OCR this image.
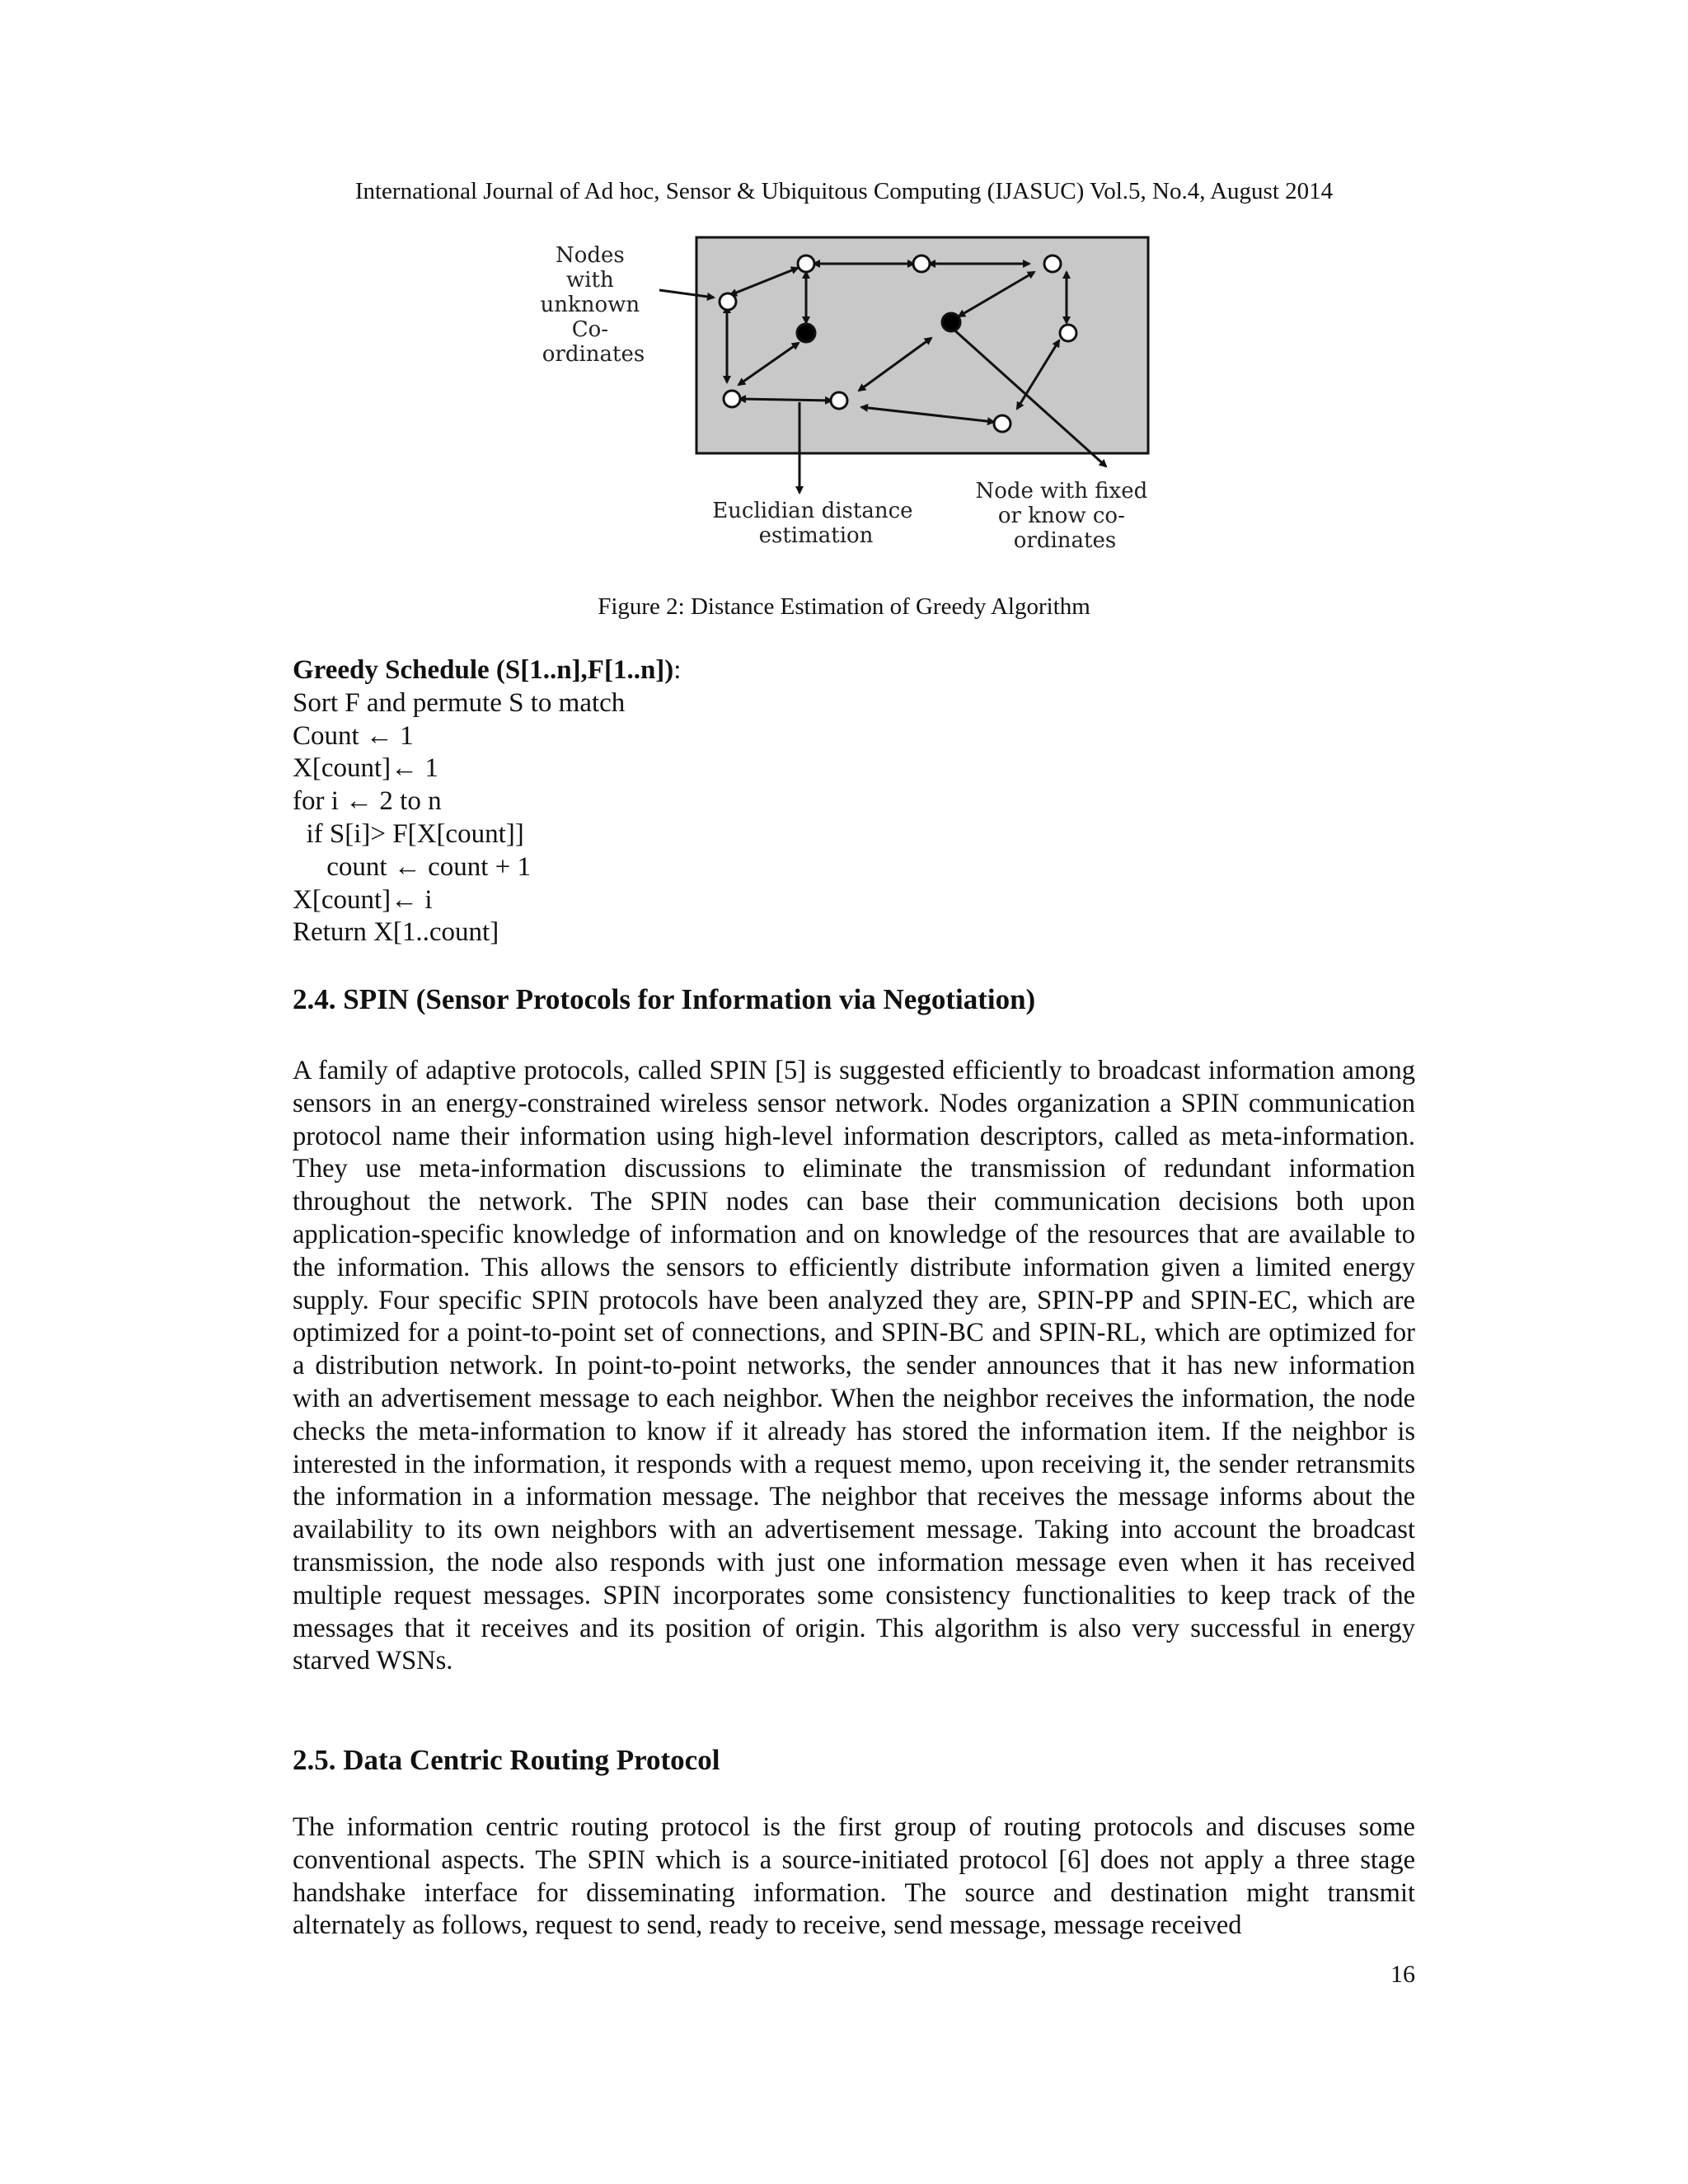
International Journal of Ad hoc, Sensor & Ubiquitous Computing (IJASUC) Vol.5, No.4, August 2014
Nodes with unknown Co- ordinates
Euclidian distance estimation
Node with fixed or know co- ordinates
Figure 2: Distance Estimation of Greedy Algorithm
Greedy Schedule (S[1..n],F[1..n]):
Sort F and permute S to match
Count ← 1
X[count]← 1
for i ← 2 to n
if S[i]> F[X[count]]
count ← count + 1
X[count]← i
Return X[1..count]
2.4. SPIN (Sensor Protocols for Information via Negotiation)
A family of adaptive protocols, called SPIN [5] is suggested efficiently to broadcast information among sensors in an energy-constrained wireless sensor network. Nodes organization a SPIN communication protocol name their information using high-level information descriptors, called as meta-information. They use meta-information discussions to eliminate the transmission of redundant information throughout the network. The SPIN nodes can base their communication decisions both upon application-specific knowledge of information and on knowledge of the resources that are available to the information. This allows the sensors to efficiently distribute information given a limited energy supply. Four specific SPIN protocols have been analyzed they are, SPIN-PP and SPIN-EC, which are optimized for a point-to-point set of connections, and SPIN-BC and SPIN-RL, which are optimized for a distribution network. In point-to-point networks, the sender announces that it has new information with an advertisement message to each neighbor. When the neighbor receives the information, the node checks the meta-information to know if it already has stored the information item. If the neighbor is interested in the information, it responds with a request memo, upon receiving it, the sender retransmits the information in a information message. The neighbor that receives the message informs about the availability to its own neighbors with an advertisement message. Taking into account the broadcast transmission, the node also responds with just one information message even when it has received multiple request messages. SPIN incorporates some consistency functionalities to keep track of the messages that it receives and its position of origin. This algorithm is also very successful in energy starved WSNs.
2.5. Data Centric Routing Protocol
The information centric routing protocol is the first group of routing protocols and discuses some conventional aspects. The SPIN which is a source-initiated protocol [6] does not apply a three stage handshake interface for disseminating information. The source and destination might transmit alternately as follows, request to send, ready to receive, send message, message received
16
